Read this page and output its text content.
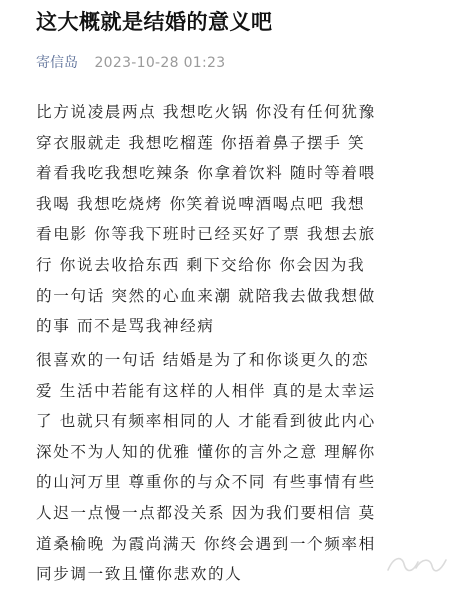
这大概就是结婚的意义吧
寄信岛 2023-10-28 01:23
比方说凌晨两点 我想吃火锅 你没有任何犹豫
穿衣服就走 我想吃榴莲 你捂着鼻子摆手 笑
着看我吃我想吃辣条 你拿着饮料 随时等着喂
我喝 我想吃烧烤 你笑着说啤酒喝点吧 我想
看电影 你等我下班时已经买好了票 我想去旅
行 你说去收拾东西 剩下交给你 你会因为我
的一句话 突然的心血来潮 就陪我去做我想做
的事 而不是骂我神经病
很喜欢的一句话 结婚是为了和你谈更久的恋
爱 生活中若能有这样的人相伴 真的是太幸运
了 也就只有频率相同的人 才能看到彼此内心
深处不为人知的优雅 懂你的言外之意 理解你
的山河万里 尊重你的与众不同 有些事情有些
人迟一点慢一点都没关系 因为我们要相信 莫
道桑榆晚 为霞尚满天 你终会遇到一个频率相
同步调一致且懂你悲欢的人
